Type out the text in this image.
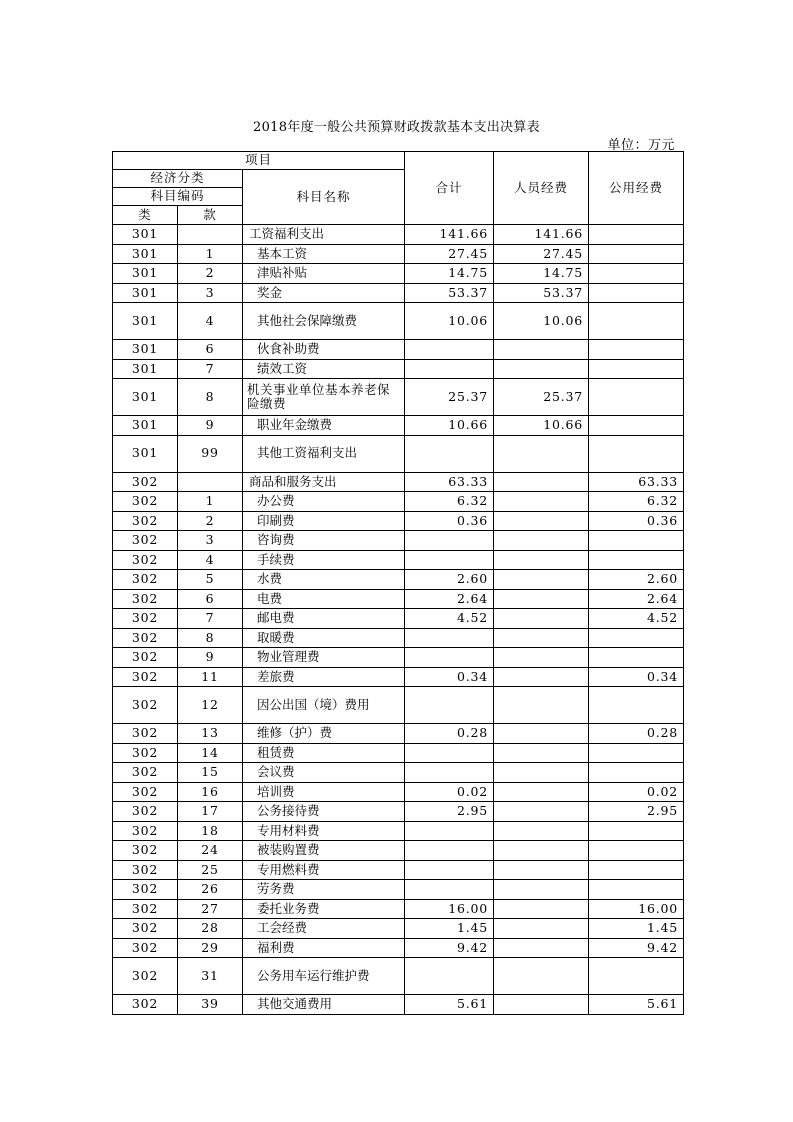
2018年度一般公共预算财政拨款基本支出决算表
单位：万元
项目			合计	人员经费	公用经费
经济分类		科目名称			
科目编码					
类	款				
301		工资福利支出	141.66	141.66	
301	1	基本工资	27.45	27.45	
301	2	津贴补贴	14.75	14.75	
301	3	奖金	53.37	53.37	
301	4	其他社会保障缴费	10.06	10.06	
301	6	伙食补助费			
301	7	绩效工资			
301	8	机关事业单位基本养老保险缴费	25.37	25.37	
301	9	职业年金缴费	10.66	10.66	
301	99	其他工资福利支出			
302		商品和服务支出	63.33		63.33
302	1	办公费	6.32		6.32
302	2	印刷费	0.36		0.36
302	3	咨询费			
302	4	手续费			
302	5	水费	2.60		2.60
302	6	电费	2.64		2.64
302	7	邮电费	4.52		4.52
302	8	取暖费			
302	9	物业管理费			
302	11	差旅费	0.34		0.34
302	12	因公出国（境）费用			
302	13	维修（护）费	0.28		0.28
302	14	租赁费			
302	15	会议费			
302	16	培训费	0.02		0.02
302	17	公务接待费	2.95		2.95
302	18	专用材料费			
302	24	被装购置费			
302	25	专用燃料费			
302	26	劳务费			
302	27	委托业务费	16.00		16.00
302	28	工会经费	1.45		1.45
302	29	福利费	9.42		9.42
302	31	公务用车运行维护费			
302	39	其他交通费用	5.61		5.61
